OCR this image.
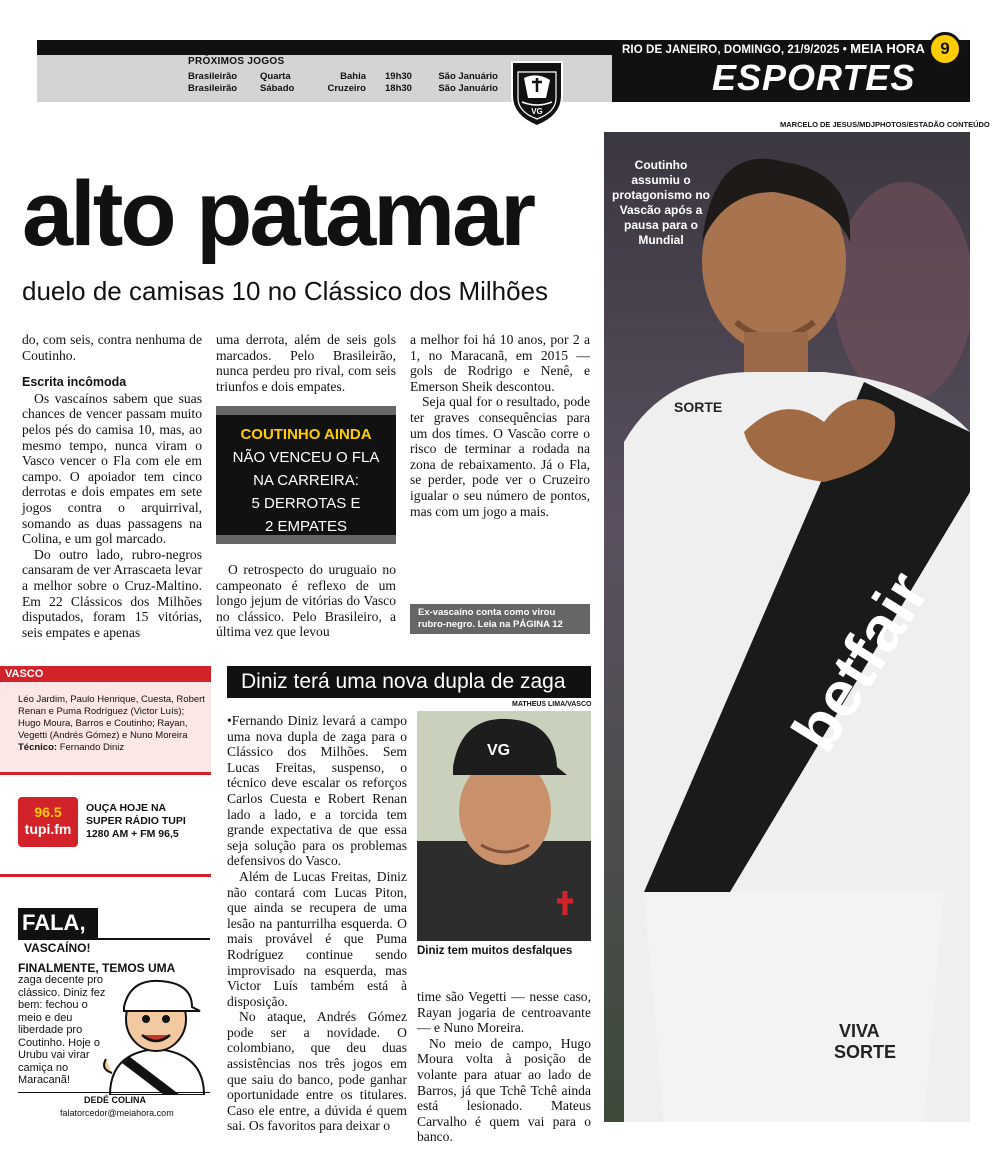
RIO DE JANEIRO, DOMINGO, 21/9/2025 • MEIA HORA 9
ESPORTES
PRÓXIMOS JOGOS
Brasileirão Quarta	Bahia 19h30	São Januário
Brasileirão Sábado	Cruzeiro 18h30	São Januário
VG
MARCELO DE JESUS/MDJPHOTOS/ESTADÃO CONTEÚDO
alto patamar
duelo de camisas 10 no Clássico dos Milhões
betfair
VIVA
SORTE
SORTE
Coutinho assumiu o protagonismo no Vascão após a pausa para o Mundial

do, com seis, contra nenhuma de Coutinho.

Escrita incômoda

Os vascaínos sabem que suas chances de vencer passam muito pelos pés do camisa 10, mas, ao mesmo tempo, nunca viram o Vasco vencer o Fla com ele em campo. O apoiador tem cinco derrotas e dois empates em sete jogos contra o arquirrival, somando as duas passagens na Colina, e um gol marcado.

Do outro lado, rubro-negros cansaram de ver Arrascaeta levar a melhor sobre o Cruz-Maltino. Em 22 Clássicos dos Milhões disputados, foram 15 vitórias, seis empates e apenas

uma derrota, além de seis gols marcados. Pelo Brasileirão, nunca perdeu pro rival, com seis triunfos e dois empates.

COUTINHO AINDA
NÃO VENCEU O FLA
NA CARREIRA:
5 DERROTAS E
2 EMPATES

O retrospecto do uruguaio no campeonato é reflexo de um longo jejum de vitórias do Vasco no clássico. Pelo Brasileiro, a última vez que levou

a melhor foi há 10 anos, por 2 a 1, no Maracanã, em 2015 — gols de Rodrigo e Nenê, e Emerson Sheik descontou.

Seja qual for o resultado, pode ter graves consequências para um dos times. O Vascão corre o risco de terminar a rodada na zona de rebaixamento. Já o Fla, se perder, pode ver o Cruzeiro igualar o seu número de pontos, mas com um jogo a mais.

Ex-vascaíno conta como virou rubro-negro. Leia na PÁGINA 12
VASCO
Léo Jardim, Paulo Henrique, Cuesta, Robert Renan e Puma Rodríguez (Victor Luís); Hugo Moura, Barros e Coutinho; Rayan, Vegetti (Andrés Gómez) e Nuno Moreira
Técnico: Fernando Diniz
96.5
tupi.fm
OUÇA HOJE NA
SUPER RÁDIO TUPI
1280 AM + FM 96,5
FALA,
VASCAÍNO!
FINALMENTE, TEMOS UMA
zaga decente pro clássico. Diniz fez bem: fechou o meio e deu liberdade pro Coutinho. Hoje o Urubu vai virar camiça no Maracanã!
DEDÉ COLINA
falatorcedor@meiahora.com
Diniz terá uma nova dupla de zaga
MATHEUS LIMA/VASCO

•Fernando Diniz levará a campo uma nova dupla de zaga para o Clássico dos Milhões. Sem Lucas Freitas, suspenso, o técnico deve escalar os reforços Carlos Cuesta e Robert Renan lado a lado, e a torcida tem grande expectativa de que essa seja solução para os problemas defensivos do Vasco.

Além de Lucas Freitas, Diniz não contará com Lucas Piton, que ainda se recupera de uma lesão na panturrilha esquerda. O mais provável é que Puma Rodríguez continue sendo improvisado na esquerda, mas Victor Luís também está à disposição.

No ataque, Andrés Gómez pode ser a novidade. O colombiano, que deu duas assistências nos três jogos em que saiu do banco, pode ganhar oportunidade entre os titulares. Caso ele entre, a dúvida é quem sai. Os favoritos para deixar o

VG
Diniz tem muitos desfalques

time são Vegetti — nesse caso, Rayan jogaria de centroavante — e Nuno Moreira.

No meio de campo, Hugo Moura volta à posição de volante para atuar ao lado de Barros, já que Tchê Tchê ainda está lesionado. Mateus Carvalho é quem vai para o banco.
